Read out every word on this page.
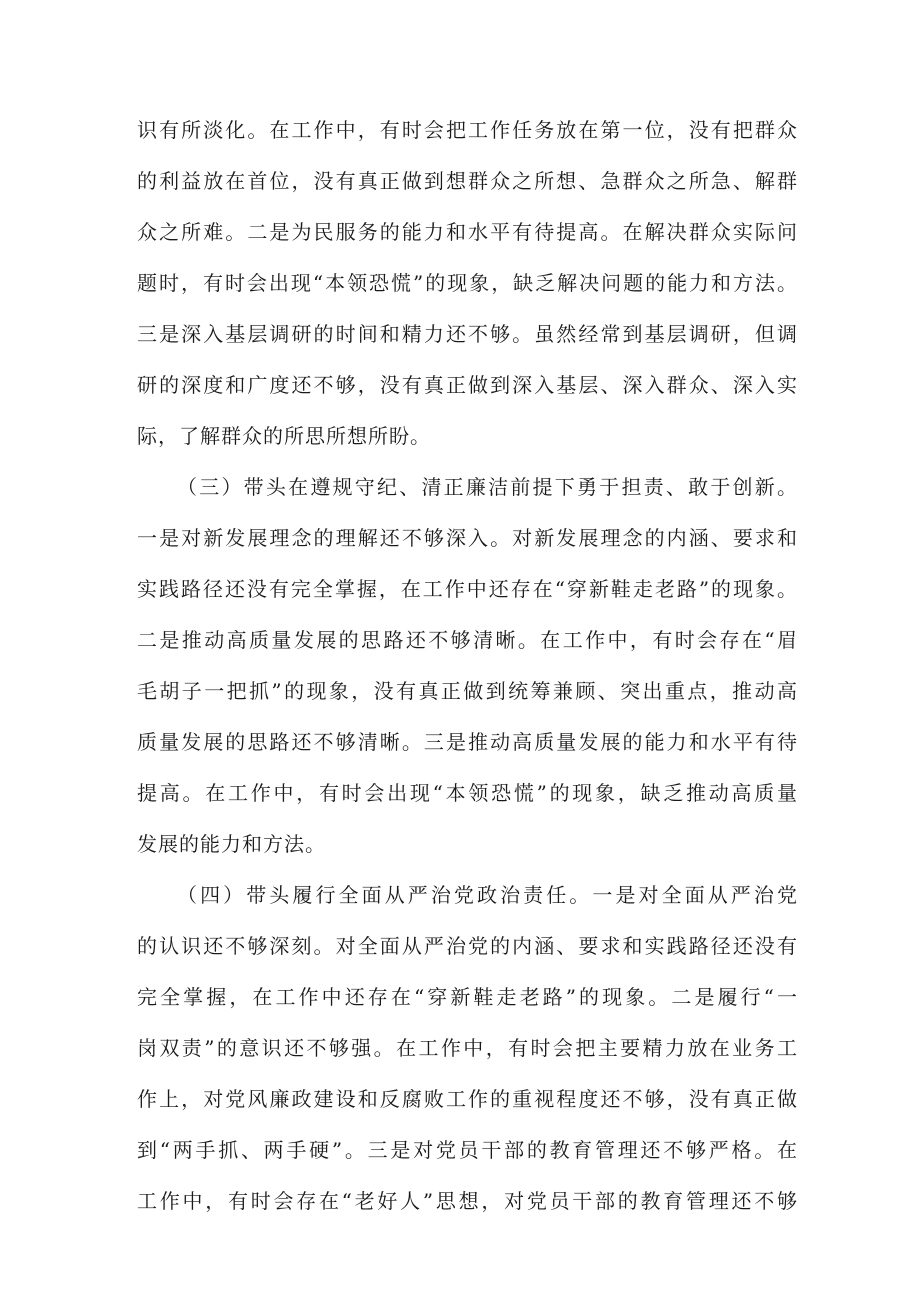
识有所淡化。在工作中，有时会把工作任务放在第一位，没有把群众
的利益放在首位，没有真正做到想群众之所想、急群众之所急、解群
众之所难。二是为民服务的能力和水平有待提高。在解决群众实际问
题时，有时会出现“本领恐慌”的现象，缺乏解决问题的能力和方法。
三是深入基层调研的时间和精力还不够。虽然经常到基层调研，但调
研的深度和广度还不够，没有真正做到深入基层、深入群众、深入实
际，了解群众的所思所想所盼。
（三）带头在遵规守纪、清正廉洁前提下勇于担责、敢于创新。
一是对新发展理念的理解还不够深入。对新发展理念的内涵、要求和
实践路径还没有完全掌握，在工作中还存在“穿新鞋走老路”的现象。
二是推动高质量发展的思路还不够清晰。在工作中，有时会存在“眉
毛胡子一把抓”的现象，没有真正做到统筹兼顾、突出重点，推动高
质量发展的思路还不够清晰。三是推动高质量发展的能力和水平有待
提高。在工作中，有时会出现“本领恐慌”的现象，缺乏推动高质量
发展的能力和方法。
（四）带头履行全面从严治党政治责任。一是对全面从严治党
的认识还不够深刻。对全面从严治党的内涵、要求和实践路径还没有
完全掌握，在工作中还存在“穿新鞋走老路”的现象。二是履行“一
岗双责”的意识还不够强。在工作中，有时会把主要精力放在业务工
作上，对党风廉政建设和反腐败工作的重视程度还不够，没有真正做
到“两手抓、两手硬”。三是对党员干部的教育管理还不够严格。在
工作中，有时会存在“老好人”思想，对党员干部的教育管理还不够
